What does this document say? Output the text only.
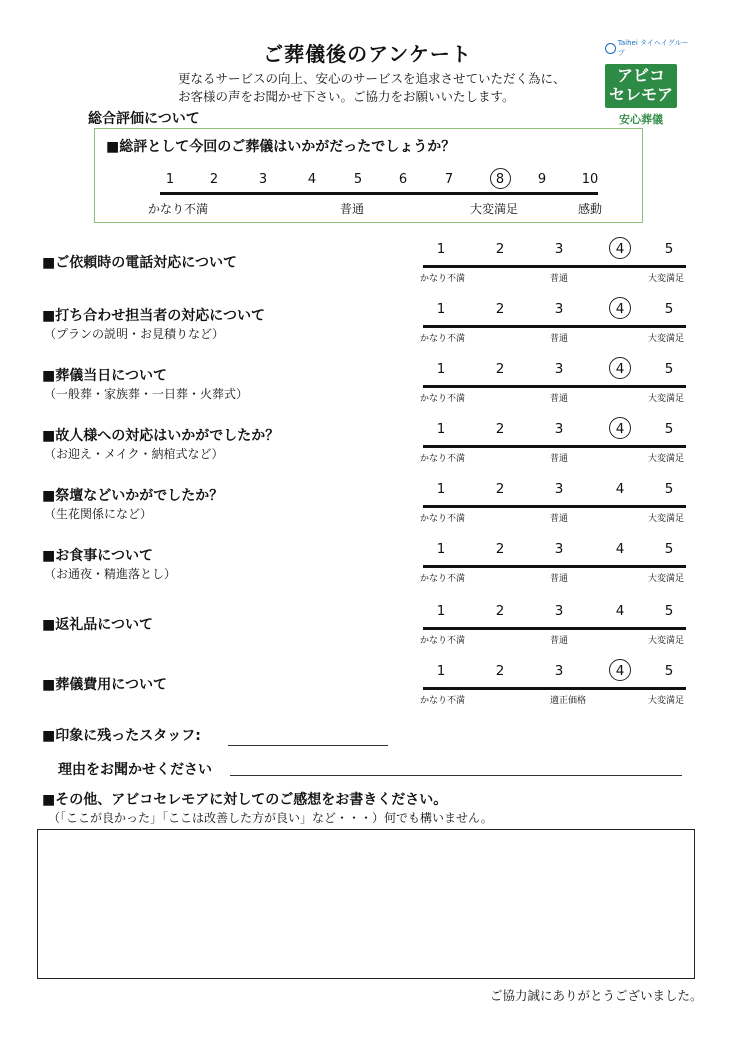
ご葬儀後のアンケート
更なるサービスの向上、安心のサービスを追求させていただく為に、
お客様の声をお聞かせ下さい。ご協力をお願いいたします。
Taihei タイヘイグループ
アビコ
セレモア
安心葬儀
総合評価について
■総評として今回のご葬儀はいかがだったでしょうか？
1	2	3	4	5	6	7	8	9	10
かなり不満	普通	大変満足	感動
■ご依頼時の電話対応について
1	2	3	4	5
かなり不満	普通	大変満足
■打ち合わせ担当者の対応について
（プランの説明・お見積りなど）
1	2	3	4	5
かなり不満	普通	大変満足
■葬儀当日について
（一般葬・家族葬・一日葬・火葬式）
1	2	3	4	5
かなり不満	普通	大変満足
■故人様への対応はいかがでしたか？
（お迎え・メイク・納棺式など）
1	2	3	4	5
かなり不満	普通	大変満足
■祭壇などいかがでしたか？
（生花関係になど）
1	2	3	4	5
かなり不満	普通	大変満足
■お食事について
（お通夜・精進落とし）
1	2	3	4	5
かなり不満	普通	大変満足
■返礼品について
1	2	3	4	5
かなり不満	普通	大変満足
■葬儀費用について
1	2	3	4	5
かなり不満	適正価格	大変満足
■印象に残ったスタッフ:
理由をお聞かせください
■その他、アビコセレモアに対してのご感想をお書きください。
（「ここが良かった」「ここは改善した方が良い」など・・・）何でも構いません。
ご協力誠にありがとうございました。
